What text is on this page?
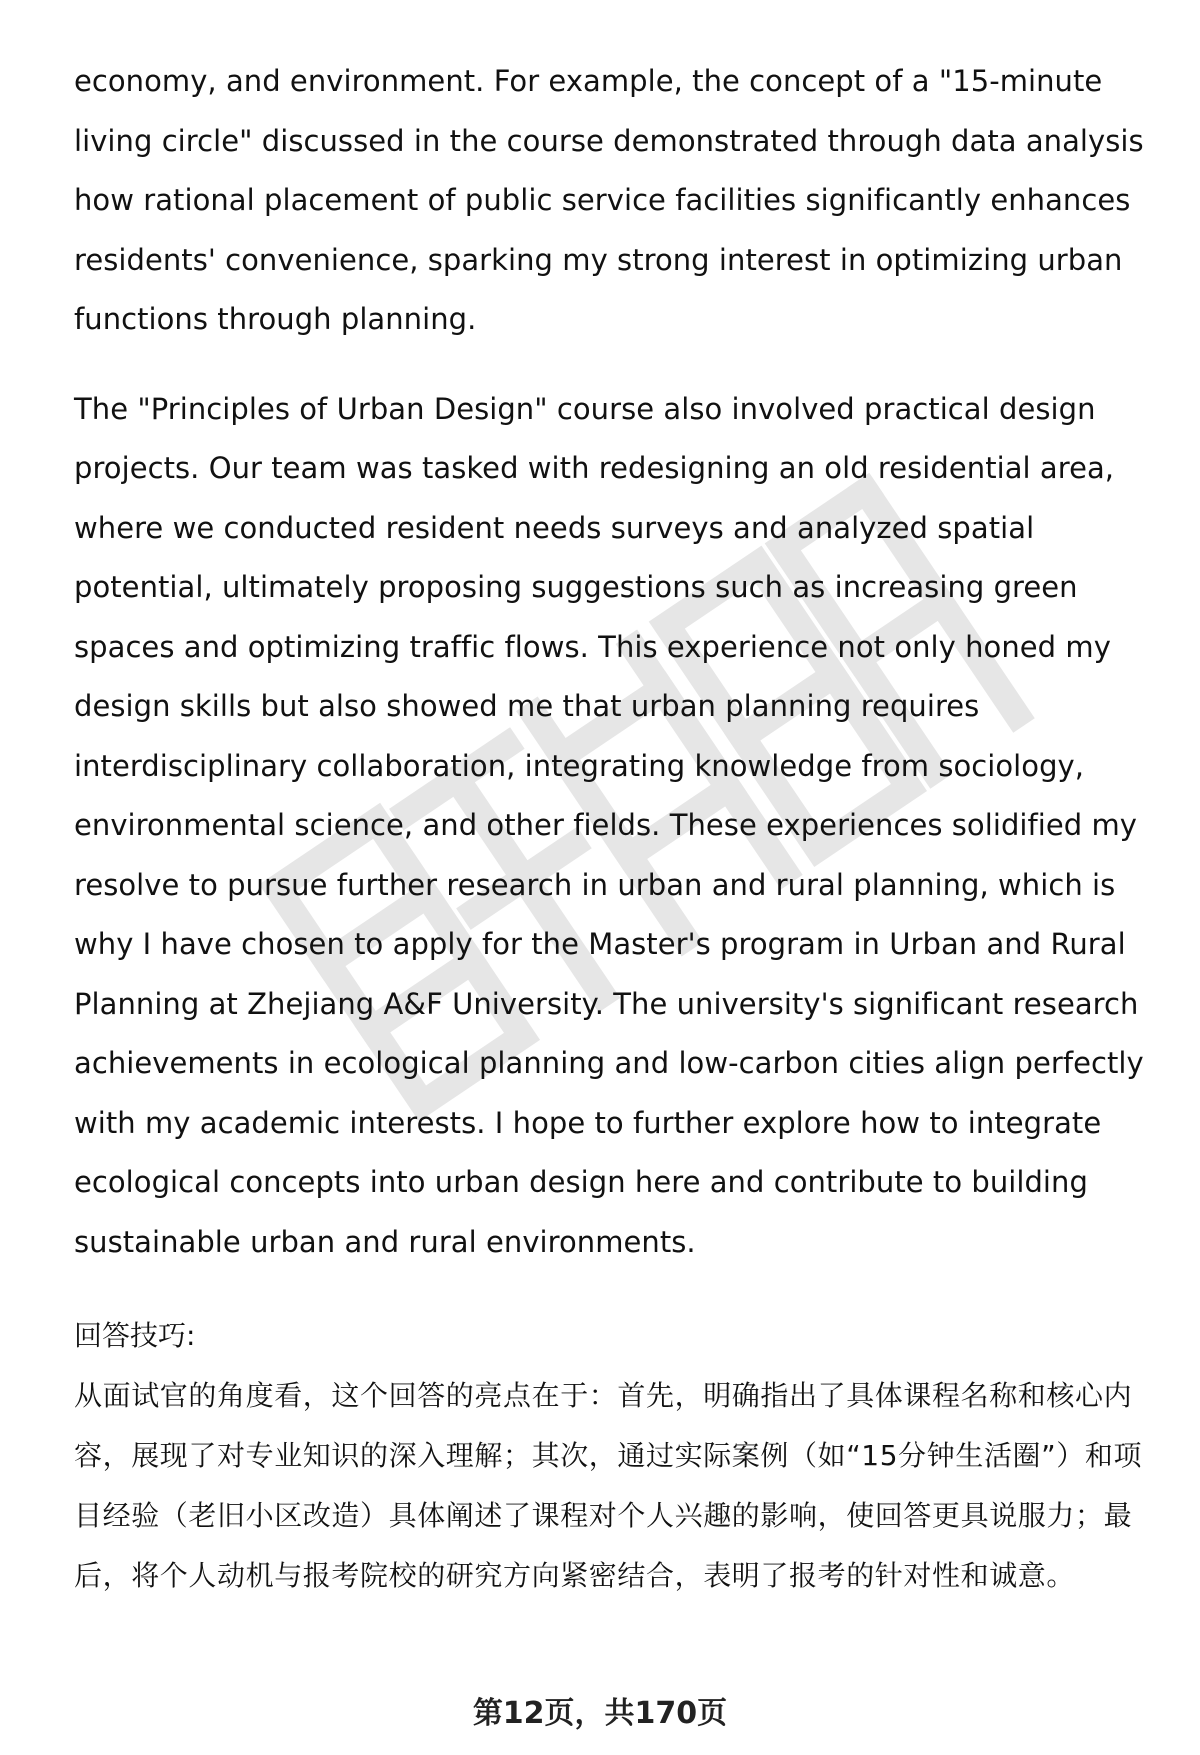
economy, and environment. For example, the concept of a "15-minute living circle" discussed in the course demonstrated through data analysis how rational placement of public service facilities significantly enhances residents' convenience, sparking my strong interest in optimizing urban functions through planning.

The "Principles of Urban Design" course also involved practical design projects. Our team was tasked with redesigning an old residential area, where we conducted resident needs surveys and analyzed spatial potential, ultimately proposing suggestions such as increasing green spaces and optimizing traffic flows. This experience not only honed my design skills but also showed me that urban planning requires interdisciplinary collaboration, integrating knowledge from sociology, environmental science, and other fields. These experiences solidified my resolve to pursue further research in urban and rural planning, which is why I have chosen to apply for the Master's program in Urban and Rural Planning at Zhejiang A&F University. The university's significant research achievements in ecological planning and low-carbon cities align perfectly with my academic interests. I hope to further explore how to integrate ecological concepts into urban design here and contribute to building sustainable urban and rural environments.

回答技巧:

从面试官的角度看，这个回答的亮点在于：首先，明确指出了具体课程名称和核心内容，展现了对专业知识的深入理解；其次，通过实际案例（如“15分钟生活圈”）和项目经验（老旧小区改造）具体阐述了课程对个人兴趣的影响，使回答更具说服力；最后，将个人动机与报考院校的研究方向紧密结合，表明了报考的针对性和诚意。

第12页，共170页
